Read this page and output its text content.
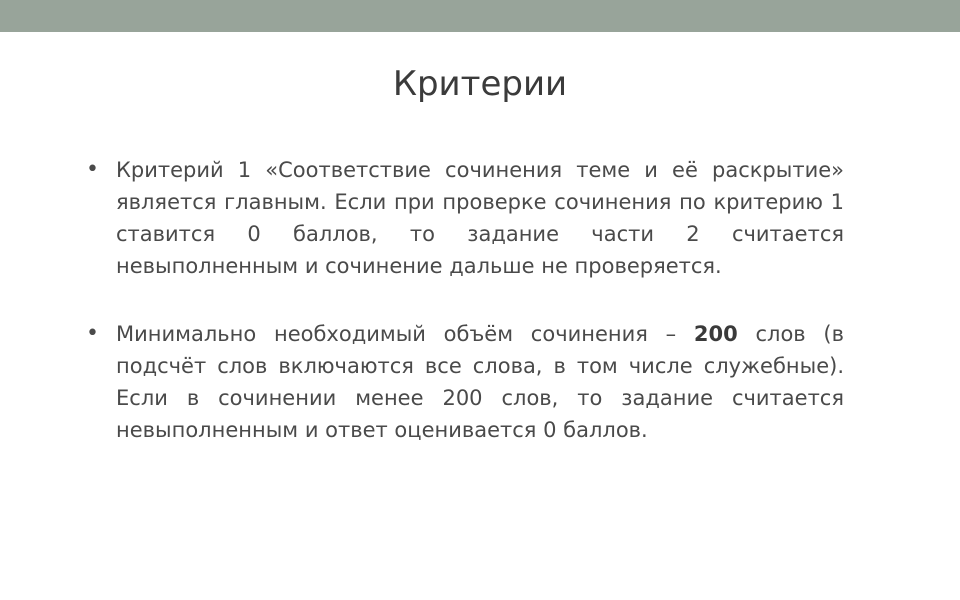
Критерии
• Критерий 1 «Соответствие сочинения теме и её раскрытие» является главным. Если при проверке сочинения по критерию 1 ставится 0 баллов, то задание части 2 считается невыполненным и сочинение дальше не проверяется.
• Минимально необходимый объём сочинения – 200 слов (в подсчёт слов включаются все слова, в том числе служебные). Если в сочинении менее 200 слов, то задание считается невыполненным и ответ оценивается 0 баллов.
